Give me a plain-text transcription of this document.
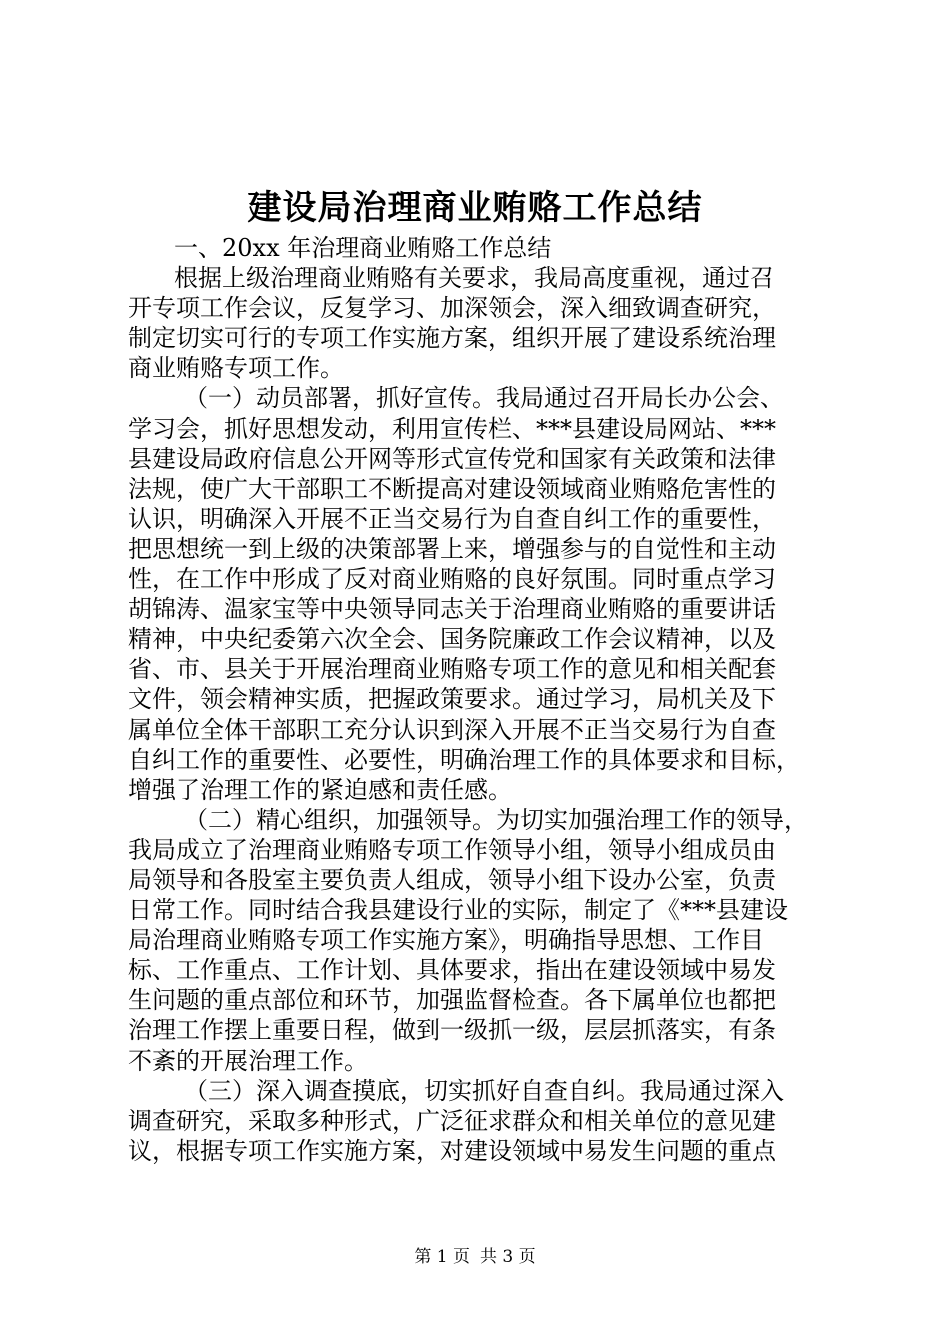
建设局治理商业贿赂工作总结
一、20xx 年治理商业贿赂工作总结
根据上级治理商业贿赂有关要求，我局高度重视，通过召
开专项工作会议，反复学习、加深领会，深入细致调查研究，
制定切实可行的专项工作实施方案，组织开展了建设系统治理
商业贿赂专项工作。
（一）动员部署，抓好宣传。我局通过召开局长办公会、
学习会，抓好思想发动，利用宣传栏、***县建设局网站、***
县建设局政府信息公开网等形式宣传党和国家有关政策和法律
法规，使广大干部职工不断提高对建设领域商业贿赂危害性的
认识，明确深入开展不正当交易行为自查自纠工作的重要性，
把思想统一到上级的决策部署上来，增强参与的自觉性和主动
性，在工作中形成了反对商业贿赂的良好氛围。同时重点学习
胡锦涛、温家宝等中央领导同志关于治理商业贿赂的重要讲话
精神，中央纪委第六次全会、国务院廉政工作会议精神，以及
省、市、县关于开展治理商业贿赂专项工作的意见和相关配套
文件，领会精神实质，把握政策要求。通过学习，局机关及下
属单位全体干部职工充分认识到深入开展不正当交易行为自查
自纠工作的重要性、必要性，明确治理工作的具体要求和目标，
增强了治理工作的紧迫感和责任感。
（二）精心组织，加强领导。为切实加强治理工作的领导，
我局成立了治理商业贿赂专项工作领导小组，领导小组成员由
局领导和各股室主要负责人组成，领导小组下设办公室，负责
日常工作。同时结合我县建设行业的实际，制定了《***县建设
局治理商业贿赂专项工作实施方案》，明确指导思想、工作目
标、工作重点、工作计划、具体要求，指出在建设领域中易发
生问题的重点部位和环节，加强监督检查。各下属单位也都把
治理工作摆上重要日程，做到一级抓一级，层层抓落实，有条
不紊的开展治理工作。
（三）深入调查摸底，切实抓好自查自纠。我局通过深入
调查研究，采取多种形式，广泛征求群众和相关单位的意见建
议，根据专项工作实施方案，对建设领域中易发生问题的重点
第 1 页 共 3 页
